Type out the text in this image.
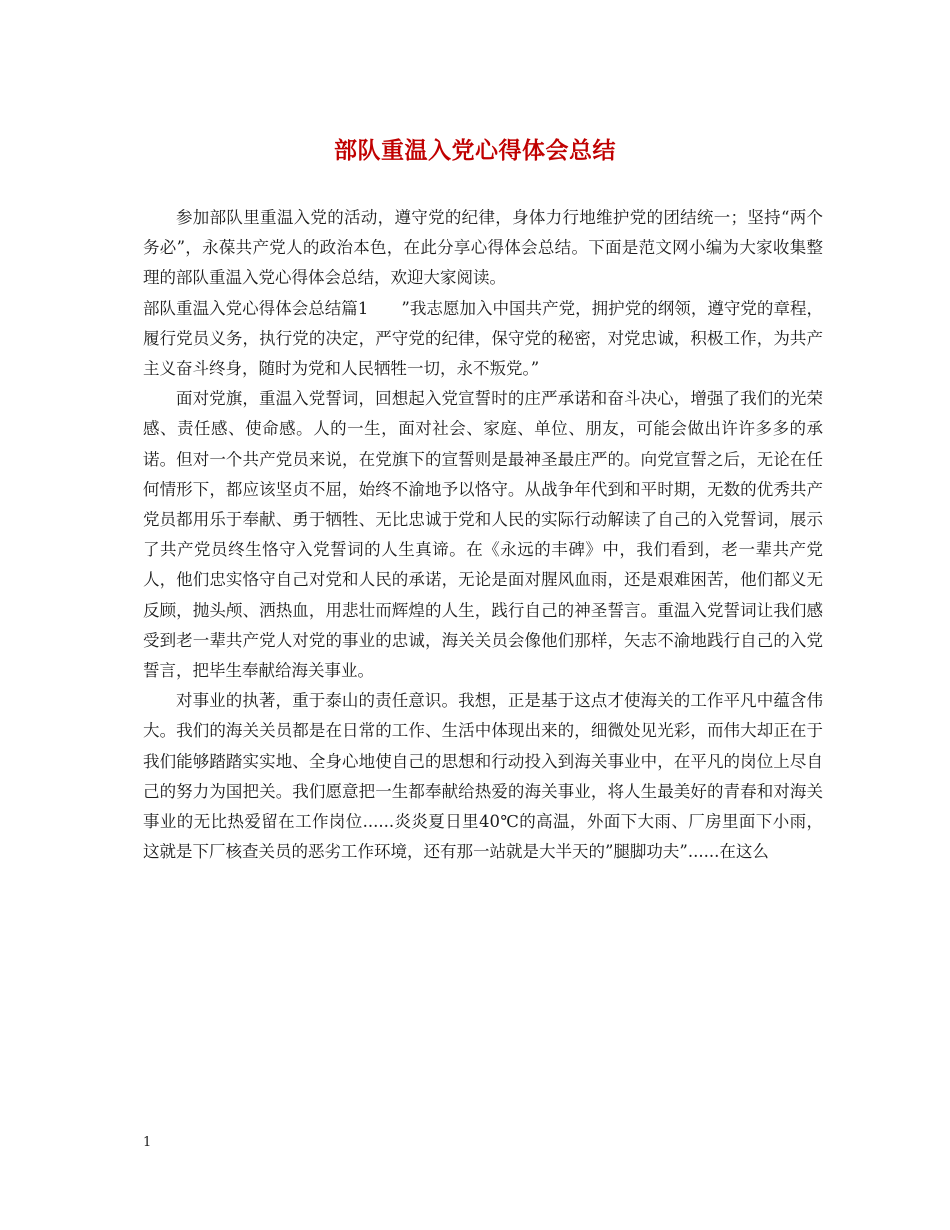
部队重温入党心得体会总结

参加部队里重温入党的活动，遵守党的纪律，身体力行地维护党的团结统一；坚持“两个务必”，永葆共产党人的政治本色，在此分享心得体会总结。下面是范文网小编为大家收集整理的部队重温入党心得体会总结，欢迎大家阅读。

部队重温入党心得体会总结篇1　　”我志愿加入中国共产党，拥护党的纲领，遵守党的章程，履行党员义务，执行党的决定，严守党的纪律，保守党的秘密，对党忠诚，积极工作，为共产主义奋斗终身，随时为党和人民牺牲一切，永不叛党。”

面对党旗，重温入党誓词，回想起入党宣誓时的庄严承诺和奋斗决心，增强了我们的光荣感、责任感、使命感。人的一生，面对社会、家庭、单位、朋友，可能会做出许许多多的承诺。但对一个共产党员来说，在党旗下的宣誓则是最神圣最庄严的。向党宣誓之后，无论在任何情形下，都应该坚贞不屈，始终不渝地予以恪守。从战争年代到和平时期，无数的优秀共产党员都用乐于奉献、勇于牺牲、无比忠诚于党和人民的实际行动解读了自己的入党誓词，展示了共产党员终生恪守入党誓词的人生真谛。在《永远的丰碑》中，我们看到，老一辈共产党人，他们忠实恪守自己对党和人民的承诺，无论是面对腥风血雨，还是艰难困苦，他们都义无反顾，抛头颅、洒热血，用悲壮而辉煌的人生，践行自己的神圣誓言。重温入党誓词让我们感受到老一辈共产党人对党的事业的忠诚，海关关员会像他们那样，矢志不渝地践行自己的入党誓言，把毕生奉献给海关事业。

对事业的执著，重于泰山的责任意识。我想，正是基于这点才使海关的工作平凡中蕴含伟大。我们的海关关员都是在日常的工作、生活中体现出来的，细微处见光彩，而伟大却正在于我们能够踏踏实实地、全身心地使自己的思想和行动投入到海关事业中，在平凡的岗位上尽自己的努力为国把关。我们愿意把一生都奉献给热爱的海关事业，将人生最美好的青春和对海关事业的无比热爱留在工作岗位......炎炎夏日里40℃的高温，外面下大雨、厂房里面下小雨，这就是下厂核查关员的恶劣工作环境，还有那一站就是大半天的”腿脚功夫”......在这么

1
